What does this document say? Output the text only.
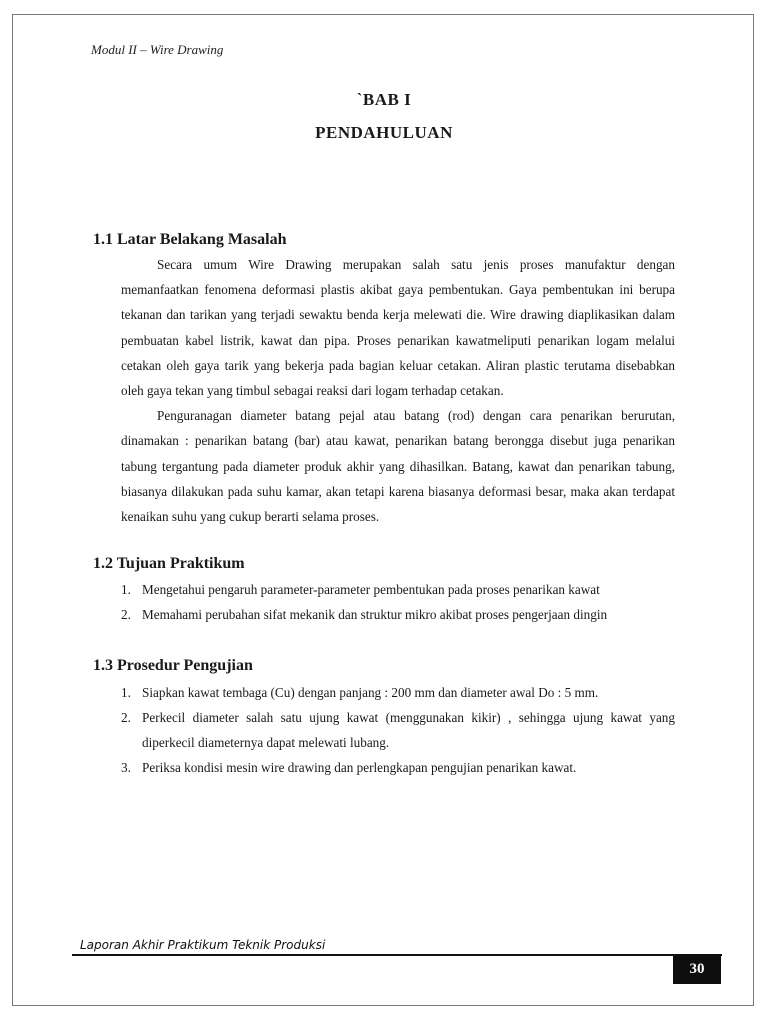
Modul II – Wire Drawing
`BAB I
PENDAHULUAN
1.1 Latar Belakang Masalah

Secara umum Wire Drawing merupakan salah satu jenis proses manufaktur dengan memanfaatkan fenomena deformasi plastis akibat gaya pembentukan. Gaya pembentukan ini berupa tekanan dan tarikan yang terjadi sewaktu benda kerja melewati die. Wire drawing diaplikasikan dalam pembuatan kabel listrik, kawat dan pipa. Proses penarikan kawatmeliputi penarikan logam melalui cetakan oleh gaya tarik yang bekerja pada bagian keluar cetakan. Aliran plastic terutama disebabkan oleh gaya tekan yang timbul sebagai reaksi dari logam terhadap cetakan.

Penguranagan diameter batang pejal atau batang (rod) dengan cara penarikan berurutan, dinamakan : penarikan batang (bar) atau kawat, penarikan batang berongga disebut juga penarikan tabung tergantung pada diameter produk akhir yang dihasilkan. Batang, kawat dan penarikan tabung, biasanya dilakukan pada suhu kamar, akan tetapi karena biasanya deformasi besar, maka akan terdapat kenaikan suhu yang cukup berarti selama proses.

1.2 Tujuan Praktikum
1. Mengetahui pengaruh parameter-parameter pembentukan pada proses penarikan kawat
2. Memahami perubahan sifat mekanik dan struktur mikro akibat proses pengerjaan dingin
1.3 Prosedur Pengujian
1. Siapkan kawat tembaga (Cu) dengan panjang : 200 mm dan diameter awal Do : 5 mm.
2. Perkecil diameter salah satu ujung kawat (menggunakan kikir) , sehingga ujung kawat yang diperkecil diameternya dapat melewati lubang.
3. Periksa kondisi mesin wire drawing dan perlengkapan pengujian penarikan kawat.
Laporan Akhir Praktikum Teknik Produksi
30
